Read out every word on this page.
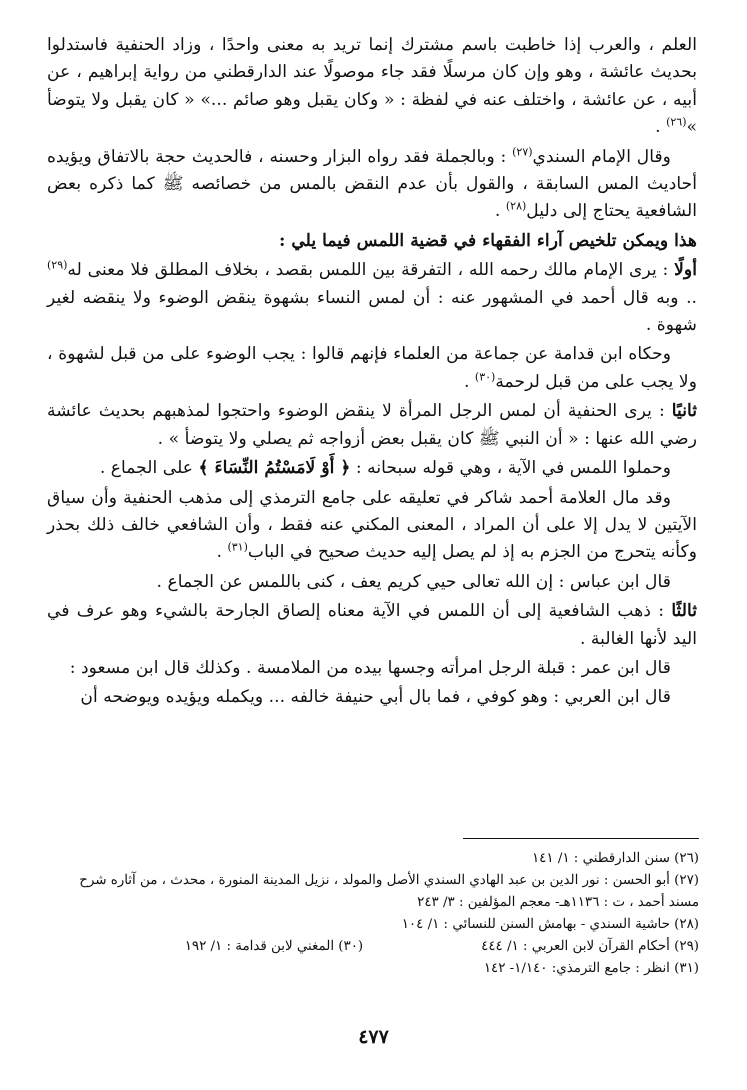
العلم ، والعرب إذا خاطبت باسم مشترك إنما تريد به معنى واحدًا ، وزاد الحنفية فاستدلوا بحديث عائشة ، وهو وإن كان مرسلًا فقد جاء موصولًا عند الدارقطني من رواية إبراهيم ، عن أبيه ، عن عائشة ، واختلف عنه في لفظة : « وكان يقبل وهو صائم ...» « كان يقبل ولا يتوضأ »$^{(٢٦)}$ .

وقال الإمام السندي$^{(٢٧)}$ : وبالجملة فقد رواه البزار وحسنه ، فالحديث حجة بالاتفاق ويؤيده أحاديث المس السابقة ، والقول بأن عدم النقض بالمس من خصائصه ﷺ كما ذكره بعض الشافعية يحتاج إلى دليل$^{(٢٨)}$ .

هذا ويمكن تلخيص آراء الفقهاء في قضية اللمس فيما يلي :

أولًا : يرى الإمام مالك رحمه الله ، التفرقة بين اللمس بقصد ، بخلاف المطلق فلا معنى له$^{(٢٩)}$ .. وبه قال أحمد في المشهور عنه : أن لمس النساء بشهوة ينقض الوضوء ولا ينقضه لغير شهوة .

وحكاه ابن قدامة عن جماعة من العلماء فإنهم قالوا : يجب الوضوء على من قبل لشهوة ، ولا يجب على من قبل لرحمة$^{(٣٠)}$ .

ثانيًا : يرى الحنفية أن لمس الرجل المرأة لا ينقض الوضوء واحتجوا لمذهبهم بحديث عائشة رضي الله عنها : « أن النبي ﷺ كان يقبل بعض أزواجه ثم يصلي ولا يتوضأ » .

وحملوا اللمس في الآية ، وهي قوله سبحانه : ﴿ أَوْ لَامَسْتُمُ النِّسَاءَ ﴾ على الجماع .

وقد مال العلامة أحمد شاكر في تعليقه على جامع الترمذي إلى مذهب الحنفية وأن سياق الآيتين لا يدل إلا على أن المراد ، المعنى المكني عنه فقط ، وأن الشافعي خالف ذلك بحذر وكأنه يتحرج من الجزم به إذ لم يصل إليه حديث صحيح في الباب$^{(٣١)}$ .

قال ابن عباس : إن الله تعالى حيي كريم يعف ، كنى باللمس عن الجماع .

ثالثًا : ذهب الشافعية إلى أن اللمس في الآية معناه إلصاق الجارحة بالشيء وهو عرف في اليد لأنها الغالبة .

قال ابن عمر : قبلة الرجل امرأته وجسها بيده من الملامسة . وكذلك قال ابن مسعود :

قال ابن العربي : وهو كوفي ، فما بال أبي حنيفة خالفه ... ويكمله ويؤيده ويوضحه أن

(٢٦) سنن الدارقطني : ١/ ١٤١

(٢٧) أبو الحسن : نور الدين بن عبد الهادي السندي الأصل والمولد ، نزيل المدينة المنورة ، محدث ، من آثاره شرح مسند أحمد ، ت : ١١٣٦هـ- معجم المؤلفين : ٣/ ٢٤٣

(٢٨) حاشية السندي - بهامش السنن للنسائي : ١/ ١٠٤

(٢٩) أحكام القرآن لابن العربي : ١/ ٤٤٤
(٣٠) المغني لابن قدامة : ١/ ١٩٢

(٣١) انظر : جامع الترمذي: ١/١٤٠- ١٤٢

٤٧٧
